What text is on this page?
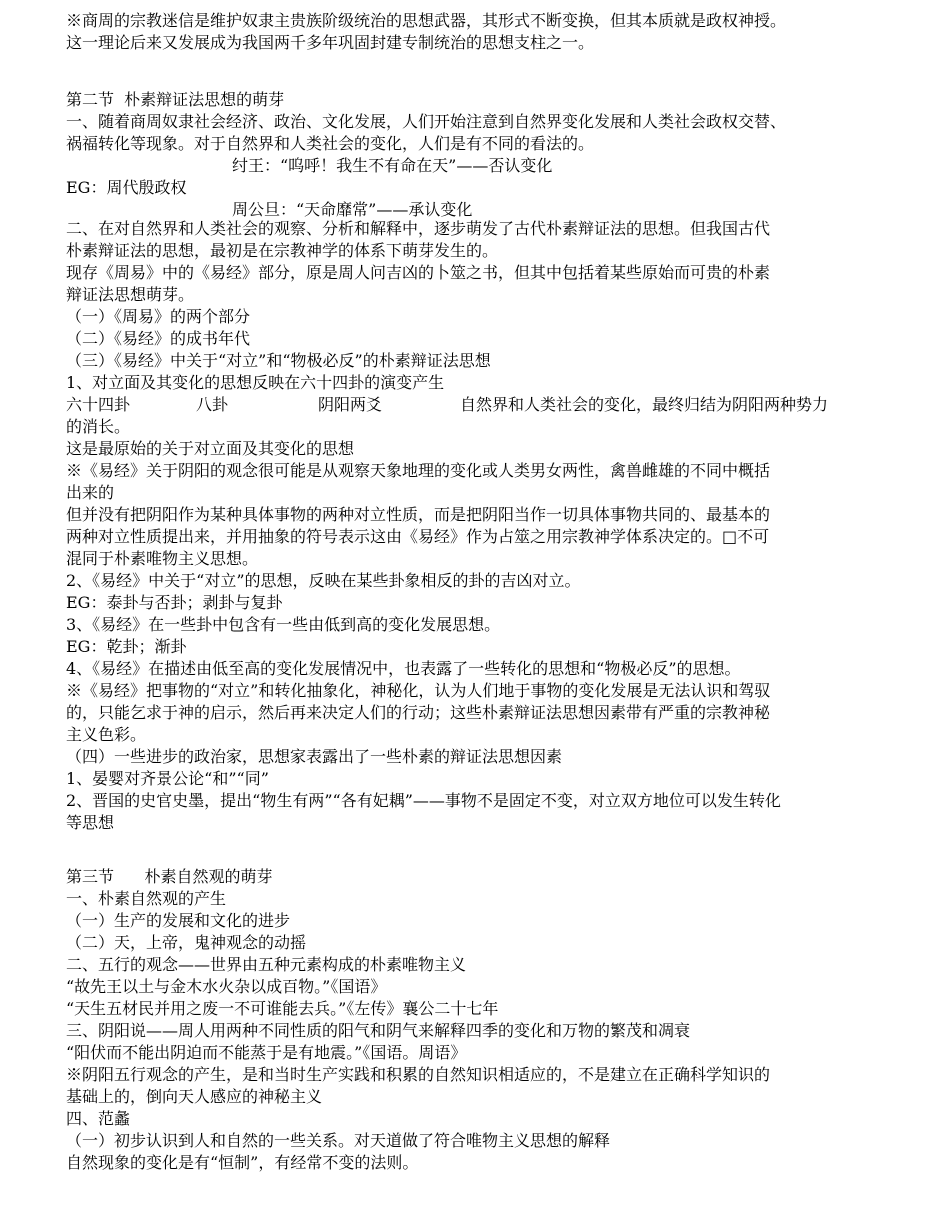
※商周的宗教迷信是维护奴隶主贵族阶级统治的思想武器，其形式不断变换，但其本质就是政权神授。
这一理论后来又发展成为我国两千多年巩固封建专制统治的思想支柱之一。
第二节  朴素辩证法思想的萌芽
一、随着商周奴隶社会经济、政治、文化发展，人们开始注意到自然界变化发展和人类社会政权交替、
祸福转化等现象。对于自然界和人类社会的变化，人们是有不同的看法的。
纣王：“呜呼！我生不有命在天”——否认变化
EG：周代殷政权
周公旦：“天命靡常”——承认变化
二、在对自然界和人类社会的观察、分析和解释中，逐步萌发了古代朴素辩证法的思想。但我国古代
朴素辩证法的思想，最初是在宗教神学的体系下萌芽发生的。
现存《周易》中的《易经》部分，原是周人问吉凶的卜筮之书，但其中包括着某些原始而可贵的朴素
辩证法思想萌芽。
（一）《周易》的两个部分
（二）《易经》的成书年代
（三）《易经》中关于“对立”和“物极必反”的朴素辩证法思想
1、对立面及其变化的思想反映在六十四卦的演变产生
六十四卦	八卦	阴阳两爻	自然界和人类社会的变化，最终归结为阴阳两种势力
的消长。
这是最原始的关于对立面及其变化的思想
※《易经》关于阴阳的观念很可能是从观察天象地理的变化或人类男女两性，禽兽雌雄的不同中概括
出来的
但并没有把阴阳作为某种具体事物的两种对立性质，而是把阴阳当作一切具体事物共同的、最基本的
两种对立性质提出来，并用抽象的符号表示这由《易经》作为占筮之用宗教神学体系决定的。□不可
混同于朴素唯物主义思想。
2、《易经》中关于“对立”的思想，反映在某些卦象相反的卦的吉凶对立。
EG：泰卦与否卦；剥卦与复卦
3、《易经》在一些卦中包含有一些由低到高的变化发展思想。
EG：乾卦；渐卦
4、《易经》在描述由低至高的变化发展情况中，也表露了一些转化的思想和“物极必反”的思想。
※《易经》把事物的“对立”和转化抽象化，神秘化，认为人们地于事物的变化发展是无法认识和驾驭
的，只能乞求于神的启示，然后再来决定人们的行动；这些朴素辩证法思想因素带有严重的宗教神秘
主义色彩。
（四）一些进步的政治家，思想家表露出了一些朴素的辩证法思想因素
1、晏婴对齐景公论“和”“同”
2、晋国的史官史墨，提出“物生有两”“各有妃耦”——事物不是固定不变，对立双方地位可以发生转化
等思想
第三节      朴素自然观的萌芽
一、朴素自然观的产生
（一）生产的发展和文化的进步
（二）天，上帝，鬼神观念的动摇
二、五行的观念——世界由五种元素构成的朴素唯物主义
“故先王以土与金木水火杂以成百物。”《国语》
“天生五材民并用之废一不可谁能去兵。”《左传》襄公二十七年
三、阴阳说——周人用两种不同性质的阳气和阴气来解释四季的变化和万物的繁茂和凋衰
“阳伏而不能出阴迫而不能蒸于是有地震。”《国语。周语》
※阴阳五行观念的产生，是和当时生产实践和积累的自然知识相适应的，不是建立在正确科学知识的
基础上的，倒向天人感应的神秘主义
四、范蠡
（一）初步认识到人和自然的一些关系。对天道做了符合唯物主义思想的解释
自然现象的变化是有“恒制”，有经常不变的法则。
